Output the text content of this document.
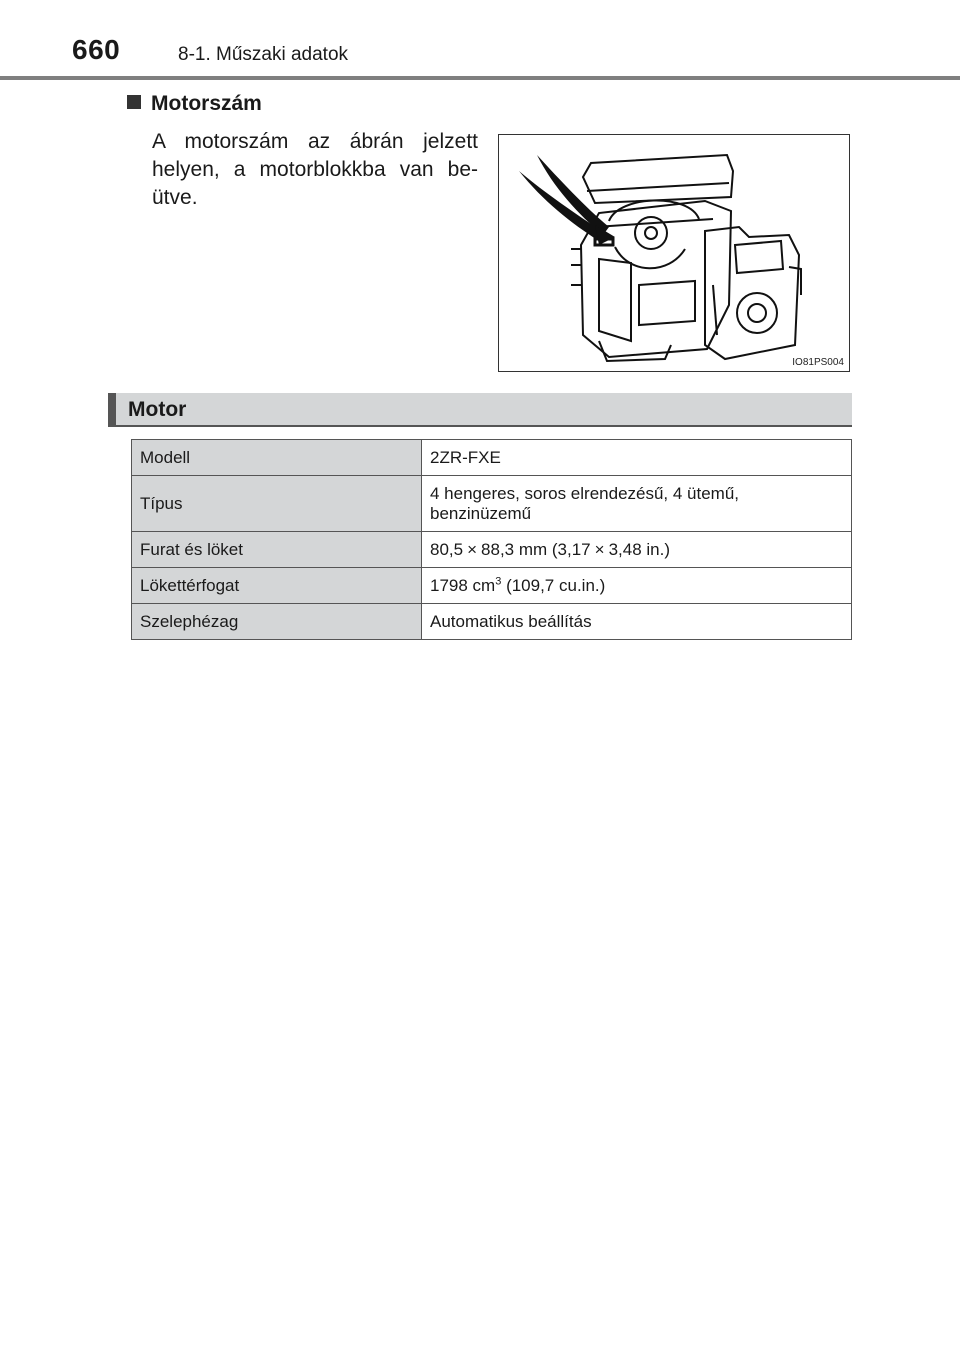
660	8-1. Műszaki adatok
Motorszám
A motorszám az ábrán jelzett helyen, a motorblokkba van be- ütve.
IO81PS004
Motor
Modell	2ZR-FXE
Típus	4 hengeres, soros elrendezésű, 4 ütemű,
benzinüzemű
Furat és löket	80,5 × 88,3 mm (3,17 × 3,48 in.)
Lökettérfogat	1798 $cm^3$ (109,7 cu.in.)
Szelephézag	Automatikus beállítás
